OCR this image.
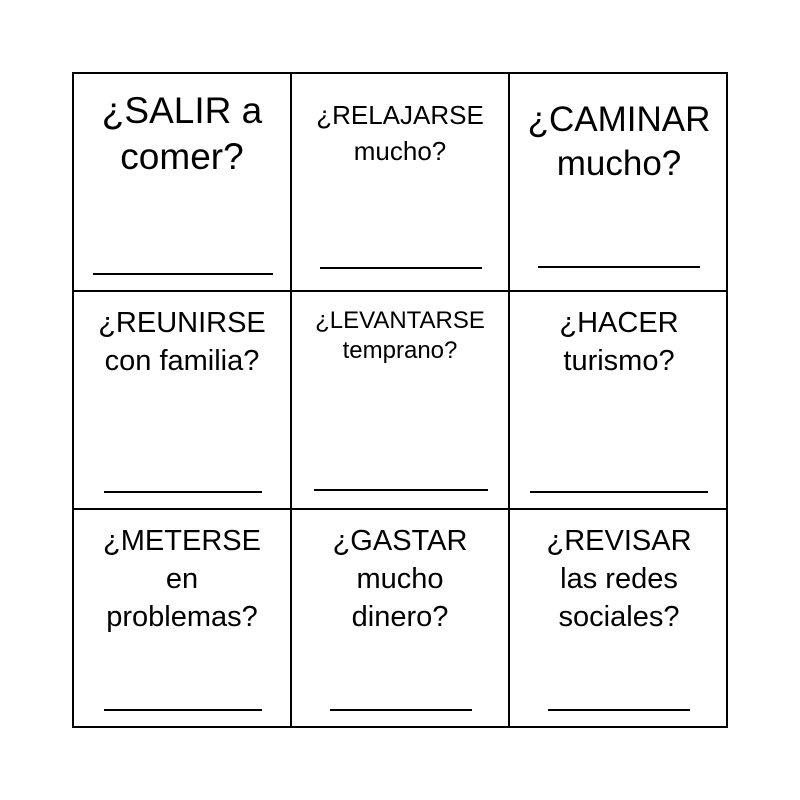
¿SALIR a
comer?

¿RELAJARSE
mucho?

¿CAMINAR
mucho?

¿REUNIRSE
con familia?

¿LEVANTARSE
temprano?

¿HACER
turismo?

¿METERSE
en
problemas?

¿GASTAR
mucho
dinero?

¿REVISAR
las redes
sociales?
